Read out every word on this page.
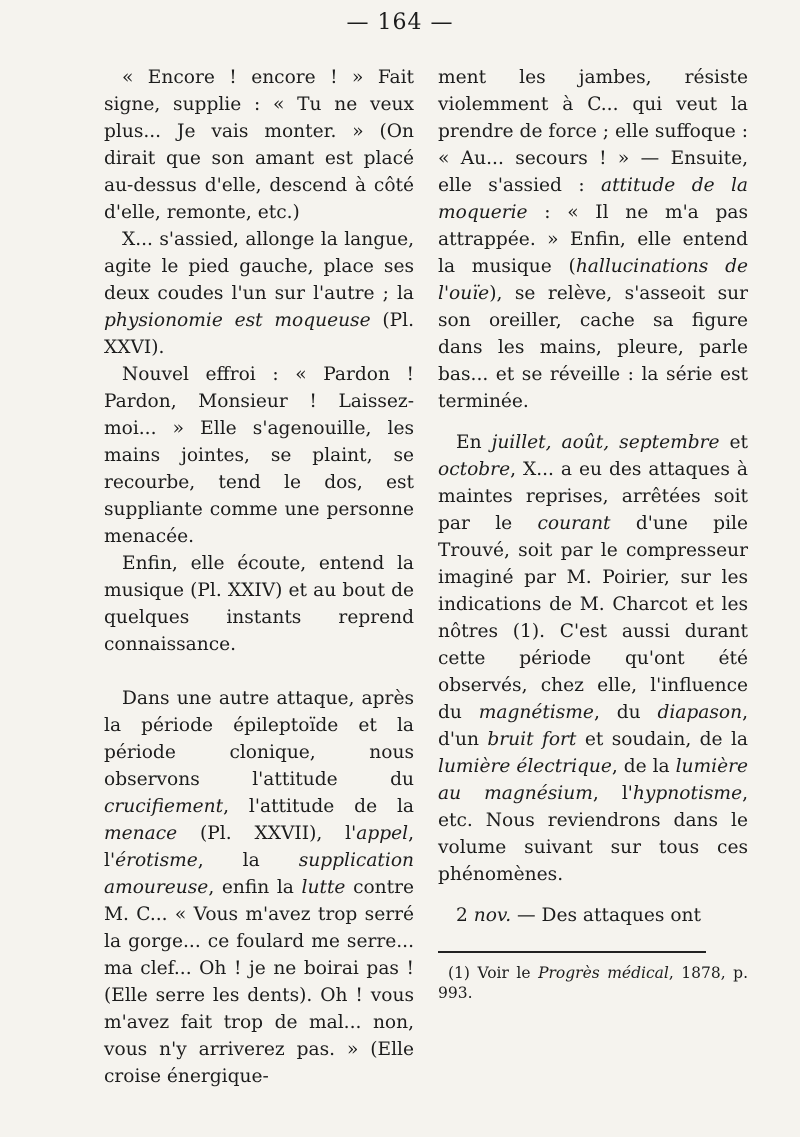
— 164 —

« Encore ! encore ! » Fait signe, supplie : « Tu ne veux plus... Je vais monter. » (On dirait que son amant est placé au-dessus d'elle, descend à côté d'elle, remonte, etc.)

X... s'assied, allonge la langue, agite le pied gauche, place ses deux coudes l'un sur l'autre ; la physionomie est moqueuse (Pl. XXVI).

Nouvel effroi : « Pardon ! Pardon, Monsieur ! Laissez-moi... » Elle s'agenouille, les mains jointes, se plaint, se recourbe, tend le dos, est suppliante comme une personne menacée.

Enfin, elle écoute, entend la musique (Pl. XXIV) et au bout de quelques instants reprend connaissance.

Dans une autre attaque, après la période épileptoïde et la période clonique, nous observons l'attitude du crucifiement, l'attitude de la menace (Pl. XXVII), l'appel, l'érotisme, la supplication amoureuse, enfin la lutte contre M. C... « Vous m'avez trop serré la gorge... ce foulard me serre... ma clef... Oh ! je ne boirai pas ! (Elle serre les dents). Oh ! vous m'avez fait trop de mal... non, vous n'y arriverez pas. » (Elle croise énergique-

ment les jambes, résiste violemment à C... qui veut la prendre de force ; elle suffoque : « Au... secours ! » — Ensuite, elle s'assied : attitude de la moquerie : « Il ne m'a pas attrappée. » Enfin, elle entend la musique (hallucinations de l'ouïe), se relève, s'asseoit sur son oreiller, cache sa figure dans les mains, pleure, parle bas... et se réveille : la série est terminée.

En juillet, août, septembre et octobre, X... a eu des attaques à maintes reprises, arrêtées soit par le courant d'une pile Trouvé, soit par le compresseur imaginé par M. Poirier, sur les indications de M. Charcot et les nôtres (1). C'est aussi durant cette période qu'ont été observés, chez elle, l'influence du magnétisme, du diapason, d'un bruit fort et soudain, de la lumière électrique, de la lumière au magnésium, l'hypnotisme, etc. Nous reviendrons dans le volume suivant sur tous ces phénomènes.

2 nov. — Des attaques ont

(1) Voir le Progrès médical, 1878, p. 993.
